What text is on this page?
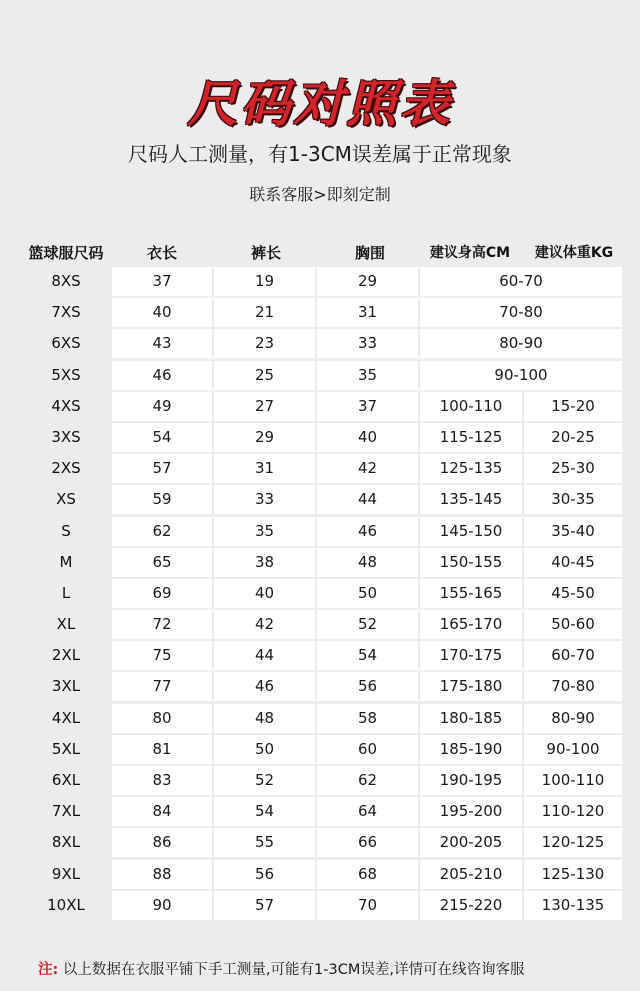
尺码对照表
尺码人工测量，有1-3CM误差属于正常现象
联系客服>即刻定制
篮球服尺码	衣长	裤长	胸围	建议身高CM	建议体重KG
8XS	37	19	29	60-70
7XS	40	21	31	70-80
6XS	43	23	33	80-90
5XS	46	25	35	90-100
4XS	49	27	37	100-110	15-20
3XS	54	29	40	115-125	20-25
2XS	57	31	42	125-135	25-30
XS	59	33	44	135-145	30-35
S	62	35	46	145-150	35-40
M	65	38	48	150-155	40-45
L	69	40	50	155-165	45-50
XL	72	42	52	165-170	50-60
2XL	75	44	54	170-175	60-70
3XL	77	46	56	175-180	70-80
4XL	80	48	58	180-185	80-90
5XL	81	50	60	185-190	90-100
6XL	83	52	62	190-195	100-110
7XL	84	54	64	195-200	110-120
8XL	86	55	66	200-205	120-125
9XL	88	56	68	205-210	125-130
10XL	90	57	70	215-220	130-135
注: 以上数据在衣服平铺下手工测量,可能有1-3CM误差,详情可在线咨询客服
